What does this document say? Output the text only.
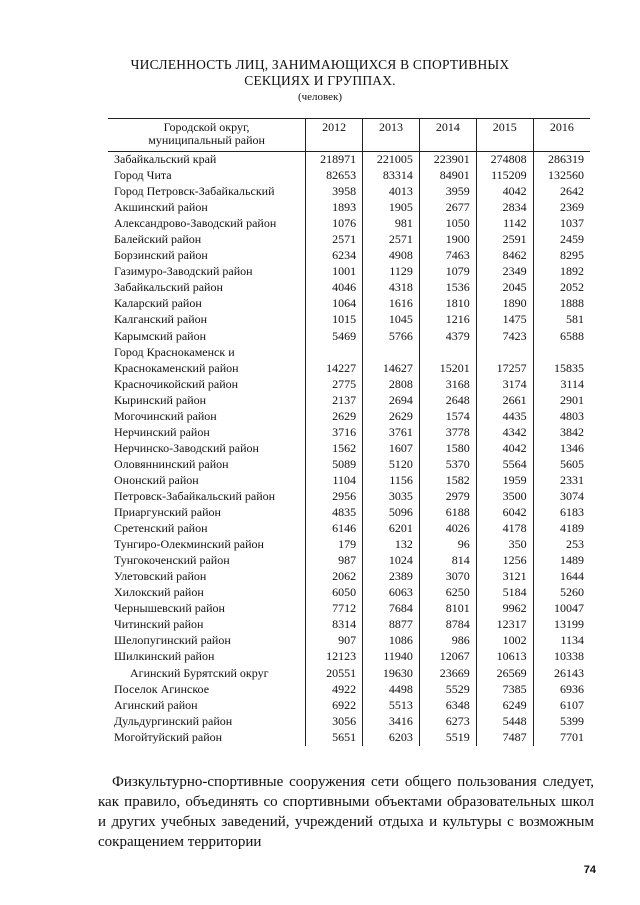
ЧИСЛЕННОСТЬ ЛИЦ, ЗАНИМАЮЩИХСЯ В СПОРТИВНЫХ
СЕКЦИЯХ И ГРУППАХ.
(человек)
Городской округ,
муниципальный район	2012	2013	2014	2015	2016
Забайкальский край	218971	221005	223901	274808	286319
Город Чита	82653	83314	84901	115209	132560
Город Петровск-Забайкальский	3958	4013	3959	4042	2642
Акшинский район	1893	1905	2677	2834	2369
Александрово-Заводский район	1076	981	1050	1142	1037
Балейский район	2571	2571	1900	2591	2459
Борзинский район	6234	4908	7463	8462	8295
Газимуро-Заводский район	1001	1129	1079	2349	1892
Забайкальский район	4046	4318	1536	2045	2052
Каларский район	1064	1616	1810	1890	1888
Калганский район	1015	1045	1216	1475	581
Карымский район	5469	5766	4379	7423	6588
Город Краснокаменск и					
Краснокаменский район	14227	14627	15201	17257	15835
Красночикойский район	2775	2808	3168	3174	3114
Кыринский район	2137	2694	2648	2661	2901
Могочинский район	2629	2629	1574	4435	4803
Нерчинский район	3716	3761	3778	4342	3842
Нерчинско-Заводский район	1562	1607	1580	4042	1346
Оловяннинский район	5089	5120	5370	5564	5605
Ононский район	1104	1156	1582	1959	2331
Петровск-Забайкальский район	2956	3035	2979	3500	3074
Приаргунский район	4835	5096	6188	6042	6183
Сретенский район	6146	6201	4026	4178	4189
Тунгиро-Олекминский район	179	132	96	350	253
Тунгокоченский район	987	1024	814	1256	1489
Улетовский район	2062	2389	3070	3121	1644
Хилокский район	6050	6063	6250	5184	5260
Чернышевский район	7712	7684	8101	9962	10047
Читинский район	8314	8877	8784	12317	13199
Шелопугинский район	907	1086	986	1002	1134
Шилкинский район	12123	11940	12067	10613	10338
Агинский Бурятский округ	20551	19630	23669	26569	26143
Поселок Агинское	4922	4498	5529	7385	6936
Агинский район	6922	5513	6348	6249	6107
Дульдургинский район	3056	3416	6273	5448	5399
Могойтуйский район	5651	6203	5519	7487	7701
Физкультурно-спортивные сооружения сети общего пользования следует, как правило, объединять со спортивными объектами образовательных школ и других учебных заведений, учреждений отдыха и культуры с возможным сокращением территории
74
